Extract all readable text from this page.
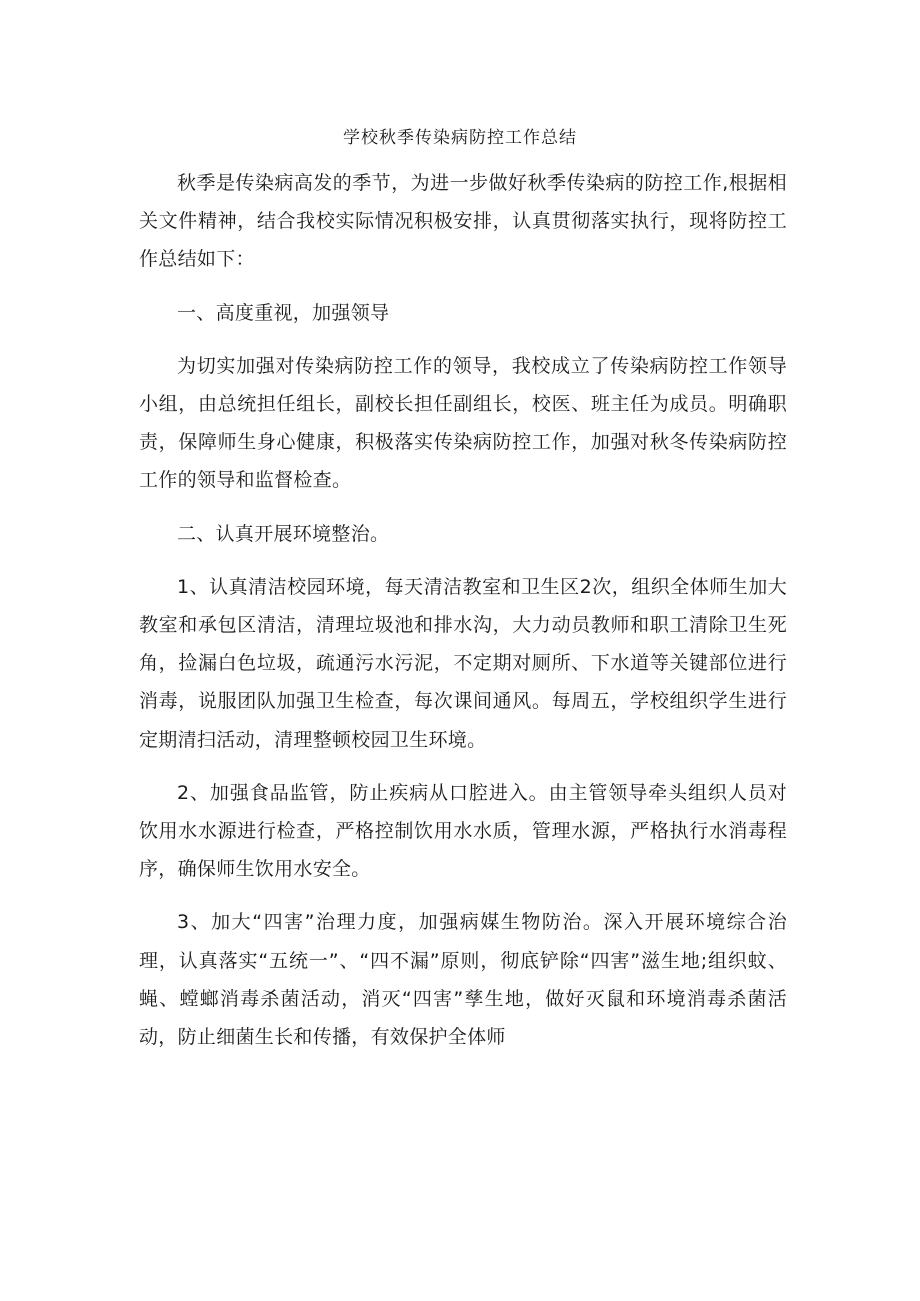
学校秋季传染病防控工作总结

秋季是传染病高发的季节，为进一步做好秋季传染病的防控工作,根据相关文件精神，结合我校实际情况积极安排，认真贯彻落实执行，现将防控工作总结如下：

一、高度重视，加强领导

为切实加强对传染病防控工作的领导，我校成立了传染病防控工作领导小组，由总统担任组长，副校长担任副组长，校医、班主任为成员。明确职责，保障师生身心健康，积极落实传染病防控工作，加强对秋冬传染病防控工作的领导和监督检查。

二、认真开展环境整治。

1、认真清洁校园环境，每天清洁教室和卫生区2次，组织全体师生加大教室和承包区清洁，清理垃圾池和排水沟，大力动员教师和职工清除卫生死角，捡漏白色垃圾，疏通污水污泥，不定期对厕所、下水道等关键部位进行消毒，说服团队加强卫生检查，每次课间通风。每周五，学校组织学生进行定期清扫活动，清理整顿校园卫生环境。

2、加强食品监管，防止疾病从口腔进入。由主管领导牵头组织人员对饮用水水源进行检查，严格控制饮用水水质，管理水源，严格执行水消毒程序，确保师生饮用水安全。

3、加大“四害”治理力度，加强病媒生物防治。深入开展环境综合治理，认真落实“五统一”、“四不漏”原则，彻底铲除“四害”滋生地;组织蚊、蝇、螳螂消毒杀菌活动，消灭“四害”孳生地，做好灭鼠和环境消毒杀菌活动，防止细菌生长和传播，有效保护全体师
